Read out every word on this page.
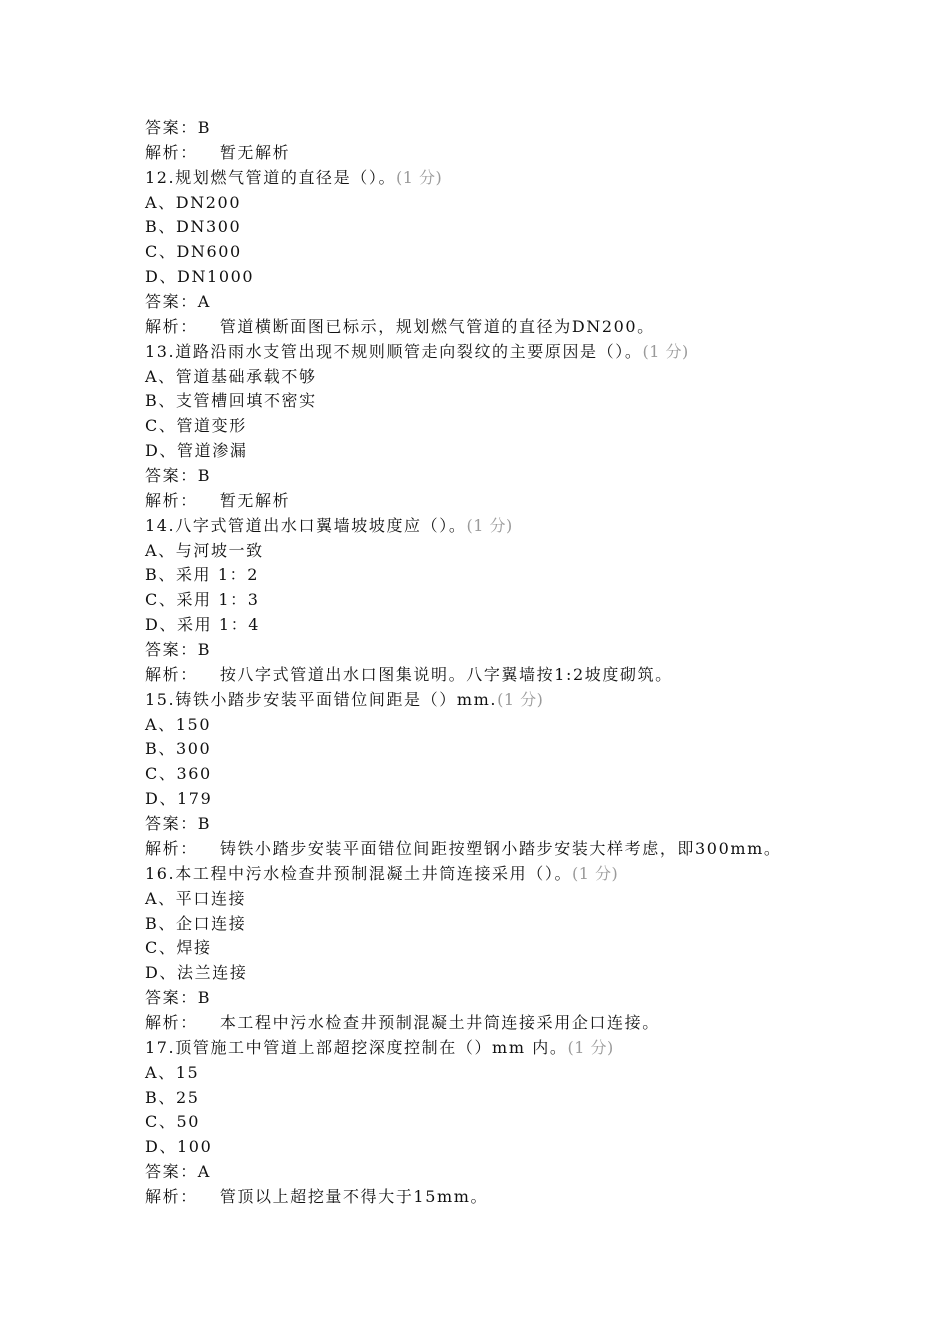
答案：B
解析： 暂无解析
12.规划燃气管道的直径是（）。(1 分)
A、DN200
B、DN300
C、DN600
D、DN1000
答案：A
解析： 管道横断面图已标示，规划燃气管道的直径为DN200。
13.道路沿雨水支管出现不规则顺管走向裂纹的主要原因是（）。(1 分)
A、管道基础承载不够
B、支管槽回填不密实
C、管道变形
D、管道渗漏
答案：B
解析： 暂无解析
14.八字式管道出水口翼墙坡坡度应（）。(1 分)
A、与河坡一致
B、采用 1：2
C、采用 1：3
D、采用 1：4
答案：B
解析： 按八字式管道出水口图集说明。八字翼墙按1:2坡度砌筑。
15.铸铁小踏步安装平面错位间距是（）mm.(1 分)
A、150
B、300
C、360
D、179
答案：B
解析： 铸铁小踏步安装平面错位间距按塑钢小踏步安装大样考虑，即300mm。
16.本工程中污水检查井预制混凝土井筒连接采用（）。(1 分)
A、平口连接
B、企口连接
C、焊接
D、法兰连接
答案：B
解析： 本工程中污水检查井预制混凝土井筒连接采用企口连接。
17.顶管施工中管道上部超挖深度控制在（）mm 内。(1 分)
A、15
B、25
C、50
D、100
答案：A
解析： 管顶以上超挖量不得大于15mm。
